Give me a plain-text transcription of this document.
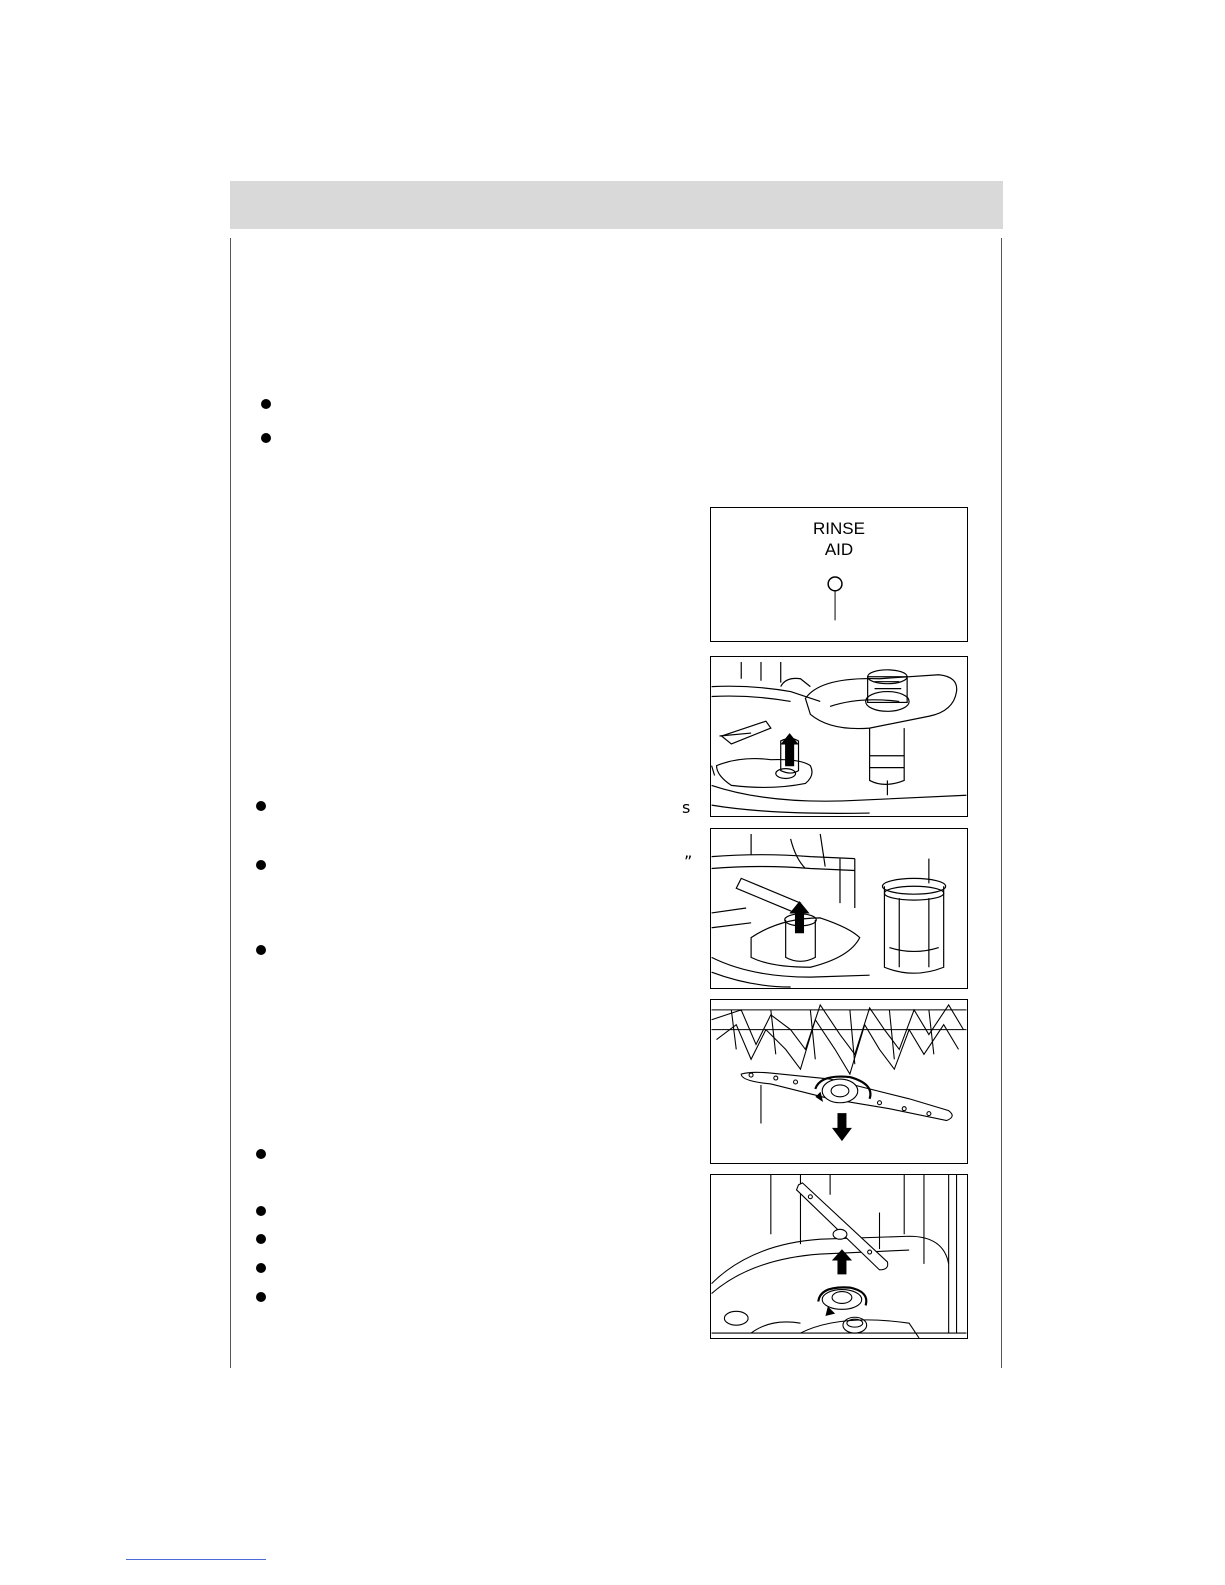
s
”
RINSE
AID
